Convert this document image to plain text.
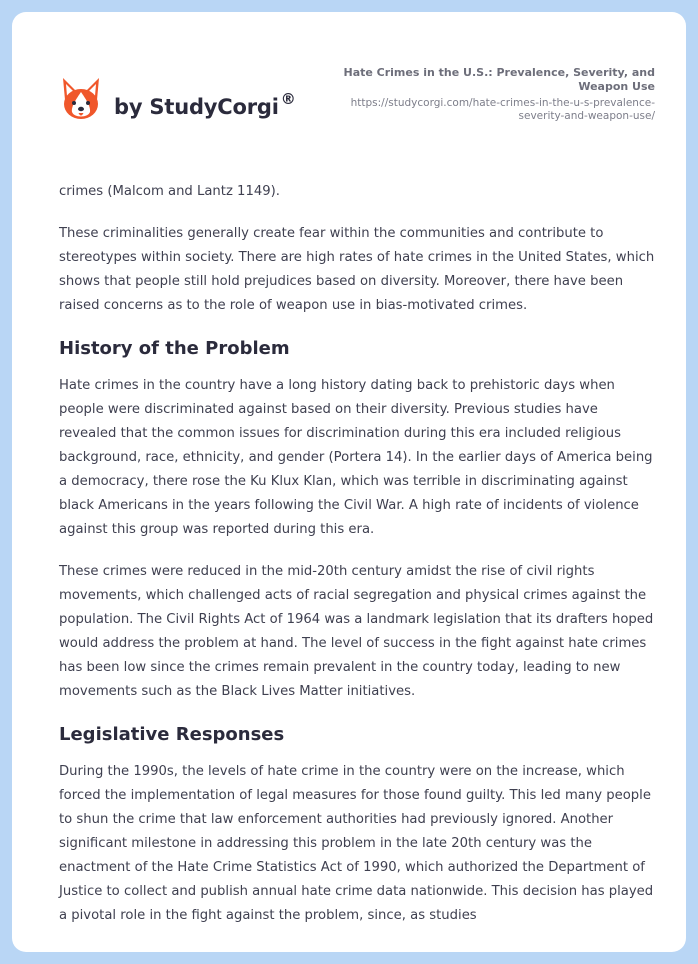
by StudyCorgi ®
Hate Crimes in the U.S.: Prevalence, Severity, and Weapon Use
https://studycorgi.com/hate-crimes-in-the-u-s-prevalence-severity-and-weapon-use/

crimes (Malcom and Lantz 1149).

These criminalities generally create fear within the communities and contribute to stereotypes within society. There are high rates of hate crimes in the United States, which shows that people still hold prejudices based on diversity. Moreover, there have been raised concerns as to the role of weapon use in bias-motivated crimes.

History of the Problem

Hate crimes in the country have a long history dating back to prehistoric days when people were discriminated against based on their diversity. Previous studies have revealed that the common issues for discrimination during this era included religious background, race, ethnicity, and gender (Portera 14). In the earlier days of America being a democracy, there rose the Ku Klux Klan, which was terrible in discriminating against black Americans in the years following the Civil War. A high rate of incidents of violence against this group was reported during this era.

These crimes were reduced in the mid-20th century amidst the rise of civil rights movements, which challenged acts of racial segregation and physical crimes against the population. The Civil Rights Act of 1964 was a landmark legislation that its drafters hoped would address the problem at hand. The level of success in the fight against hate crimes has been low since the crimes remain prevalent in the country today, leading to new movements such as the Black Lives Matter initiatives.

Legislative Responses

During the 1990s, the levels of hate crime in the country were on the increase, which forced the implementation of legal measures for those found guilty. This led many people to shun the crime that law enforcement authorities had previously ignored. Another significant milestone in addressing this problem in the late 20th century was the enactment of the Hate Crime Statistics Act of 1990, which authorized the Department of Justice to collect and publish annual hate crime data nationwide. This decision has played a pivotal role in the fight against the problem, since, as studies
